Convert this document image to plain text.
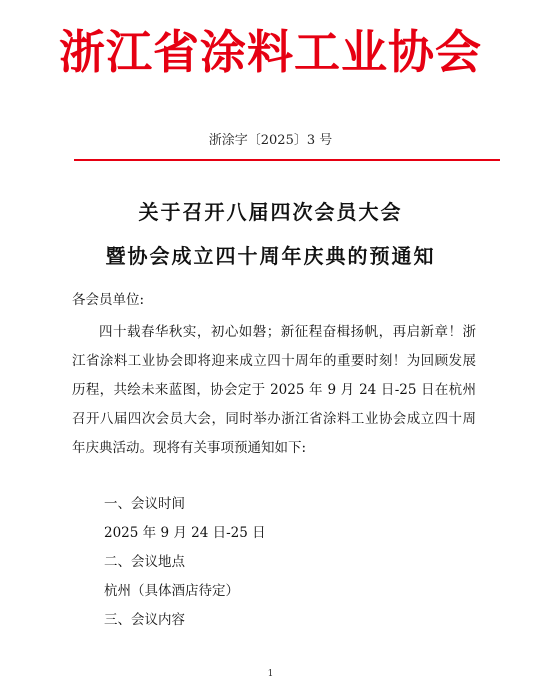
浙江省涂料工业协会
浙涂字〔2025〕3 号
关于召开八届四次会员大会
暨协会成立四十周年庆典的预通知
各会员单位:
四十载春华秋实，初心如磐；新征程奋楫扬帆，再启新章！浙江省涂料工业协会即将迎来成立四十周年的重要时刻！为回顾发展历程，共绘未来蓝图，协会定于 2025 年 9 月 24 日-25 日在杭州召开八届四次会员大会，同时举办浙江省涂料工业协会成立四十周年庆典活动。现将有关事项预通知如下:
一、会议时间
2025 年 9 月 24 日-25 日
二、会议地点
杭州（具体酒店待定）
三、会议内容
1
